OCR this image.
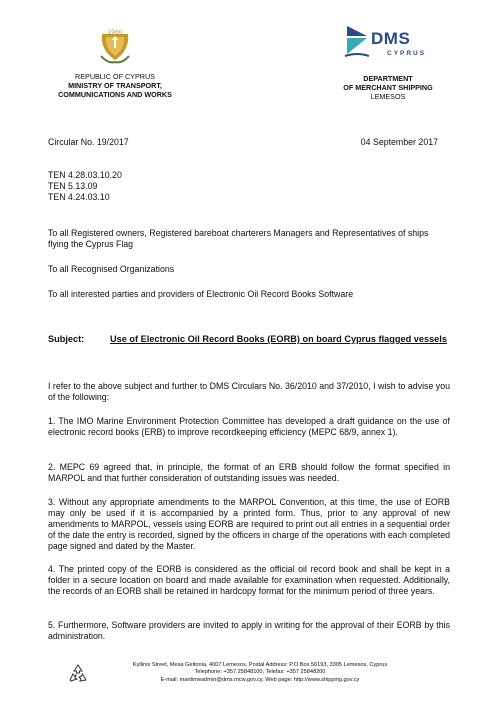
1960
REPUBLIC OF CYPRUS
MINISTRY OF TRANSPORT,
COMMUNICATIONS AND WORKS
DMS
CYPRUS
DEPARTMENT
OF MERCHANT SHIPPING
LEMESOS
Circular No. 19/2017	04 September 2017
TEN 4.28.03.10.20
TEN 5.13.09
TEN 4.24.03.10
To all Registered owners, Registered bareboat charterers Managers and Representatives of ships flying the Cyprus Flag
To all Recognised Organizations
To all interested parties and providers of Electronic Oil Record Books Software
Subject:	Use of Electronic Oil Record Books (EORB) on board Cyprus flagged vessels
I refer to the above subject and further to DMS Circulars No. 36/2010 and 37/2010, I wish to advise you of the following:
1. The IMO Marine Environment Protection Committee has developed a draft guidance on the use of electronic record books (ERB) to improve recordkeeping efficiency (MEPC 68/9, annex 1).
2. MEPC 69 agreed that, in principle, the format of an ERB should follow the format specified in MARPOL and that further consideration of outstanding issues was needed.
3. Without any appropriate amendments to the MARPOL Convention, at this time, the use of EORB may only be used if it is accompanied by a printed form. Thus, prior to any approval of new amendments to MARPOL, vessels using EORB are required to print out all entries in a sequential order of the date the entry is recorded, signed by the officers in charge of the operations with each completed page signed and dated by the Master.
4. The printed copy of the EORB is considered as the official oil record book and shall be kept in a folder in a secure location on board and made available for examination when requested. Additionally, the records of an EORB shall be retained in hardcopy format for the minimum period of three years.
5. Furthermore, Software providers are invited to apply in writing for the approval of their EORB by this administration.
Kyllinis Street, Mesa Geitonia, 4007 Lemesos, Postal Address: P.O.Box 56193, 3305 Lemesos, Cyprus
Telephone: +357 25848100, Telefax: +357 25848200
E-mail: maritimeadmin@dms.mcw.gov.cy, Web page: http://www.shipping.gov.cy
